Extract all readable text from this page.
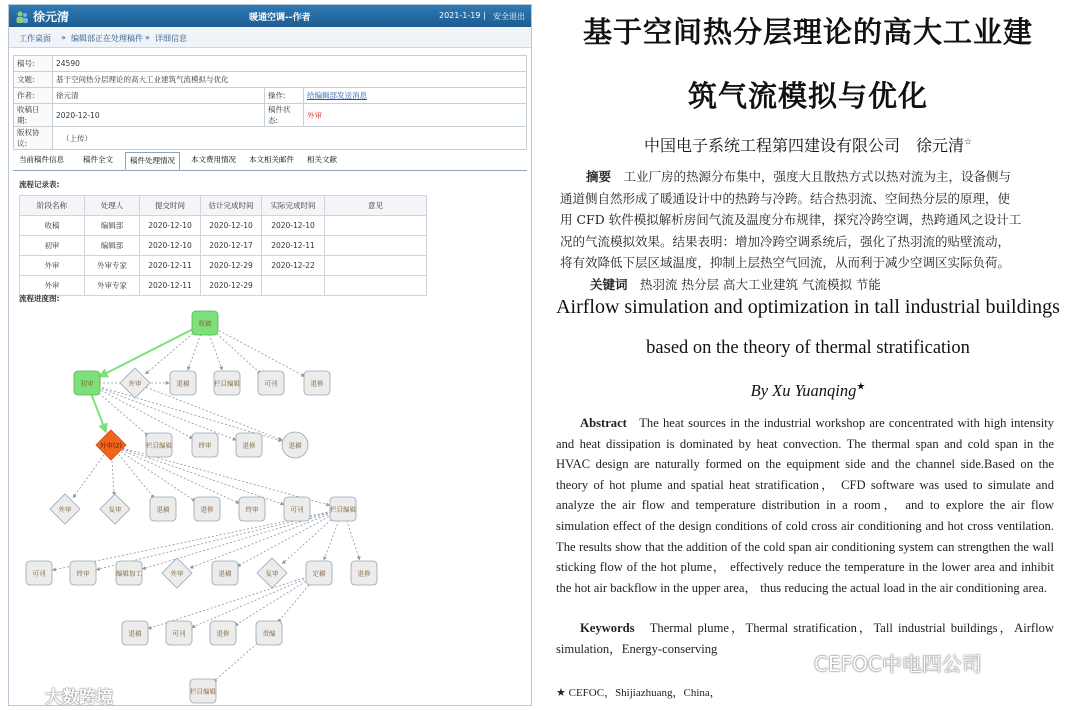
徐元清	暖通空调--作者	2021-1-19 | 安全退出
工作桌面 » 编辑部正在处理稿件 » 详细信息
稿号:	24590		
文题:	基于空间热分层理论的高大工业建筑气流模拟与优化		
作者:	徐元清	操作:	给编辑部发送消息
收稿日期:	2020-12-10	稿件状态:	外审
版权协议:	（上传）		
当前稿件信息	稿件全文	稿件处理情况	本文费用情况	本文相关邮件	相关文献
流程记录表:
阶段名称	处理人	提交时间	估计完成时间	实际完成时间	意见
收稿	编辑部	2020-12-10	2020-12-10	2020-12-10	
初审	编辑部	2020-12-10	2020-12-17	2020-12-11	
外审	外审专家	2020-12-11	2020-12-29	2020-12-22	
外审	外审专家	2020-12-11	2020-12-29		
流程进度图:
收稿
初审	外审	退稿	栏目编辑	可刊	退修
外审(2)	栏目编辑	终审	退修	退稿
外审	复审	退稿	退修	终审	可刊	栏目编辑
可刊	终审	编辑加工	外审	退稿	复审	定稿	退修
退稿	可刊	退修	责编
栏目编辑
大数跨境
基于空间热分层理论的高大工业建
筑气流模拟与优化
中国电子系统工程第四建设有限公司　徐元清☆
摘要　 工业厂房的热源分布集中，强度大且散热方式以热对流为主，设备侧与
通道侧自然形成了暖通设计中的热跨与冷跨。结合热羽流、空间热分层的原理，使
用 CFD 软件模拟解析房间气流及温度分布规律，探究冷跨空调，热跨通风之设计工
况的气流模拟效果。结果表明：增加冷跨空调系统后，强化了热羽流的贴壁流动，
将有效降低下层区域温度，抑制上层热空气回流，从而利于减少空调区实际负荷。
关键词　 热羽流 热分层 高大工业建筑 气流模拟 节能
Airflow simulation and optimization in tall industrial buildings
based on the theory of thermal stratification
By Xu Yuanqing★
Abstract The heat sources in the industrial workshop are concentrated with high intensity and heat dissipation is dominated by heat convection. The thermal span and cold span in the HVAC design are naturally formed on the equipment side and the channel side.Based on the theory of hot plume and spatial heat stratification， CFD software was used to simulate and analyze the air flow and temperature distribution in a room， and to explore the air flow simulation effect of the design conditions of cold cross air conditioning and hot cross ventilation. The results show that the addition of the cold span air conditioning system can strengthen the wall sticking flow of the hot plume， effectively reduce the temperature in the lower area and inhibit the hot air backflow in the upper area， thus reducing the actual load in the air conditioning area.
Keywords Thermal plume，Thermal stratification，Tall industrial buildings，Airflow simulation，Energy-conserving
CEFOC中电四公司
★ CEFOC，Shijiazhuang，China，
